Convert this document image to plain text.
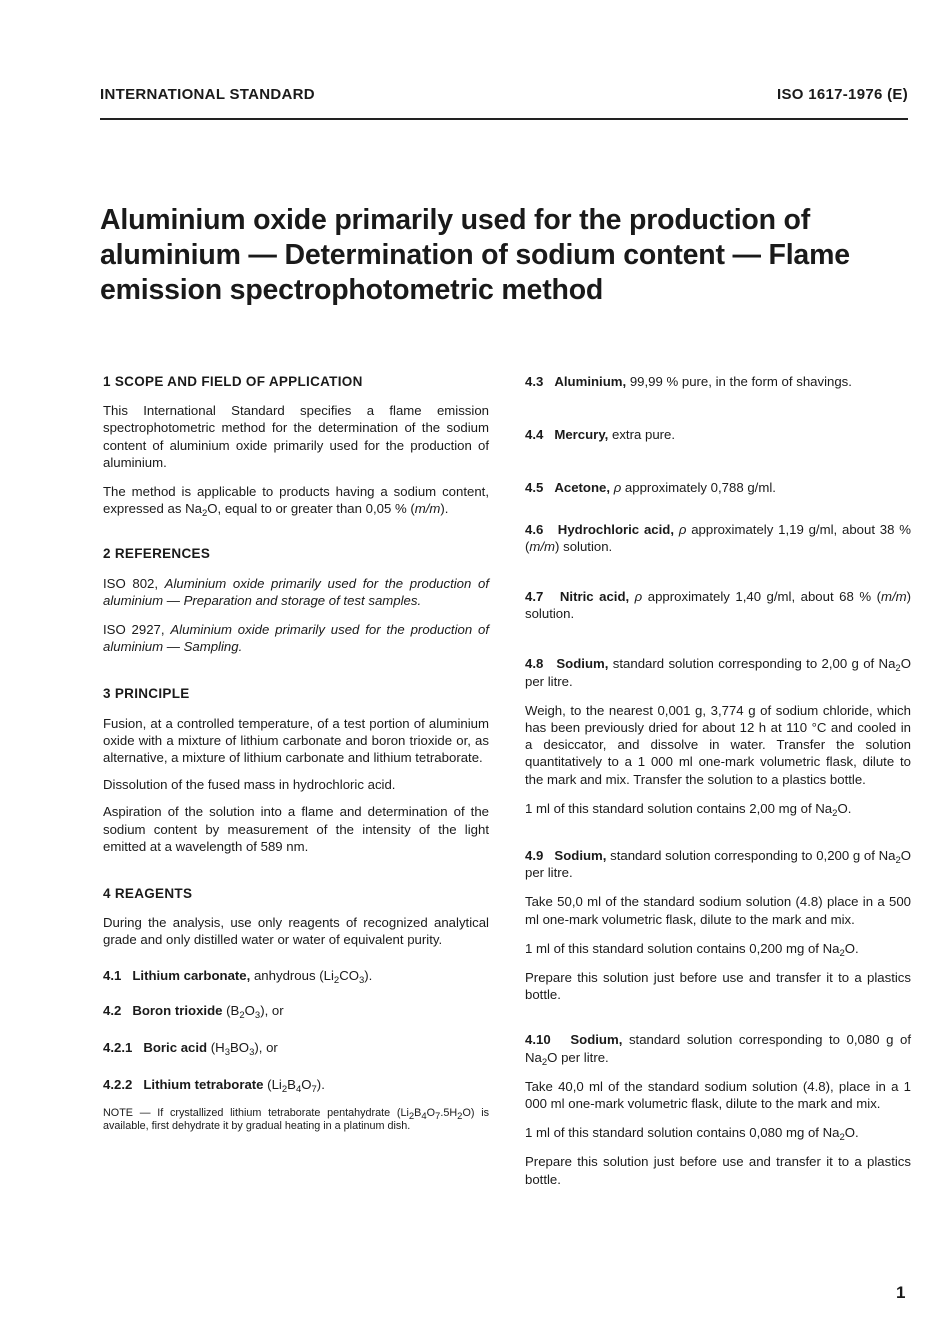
INTERNATIONAL STANDARD	ISO 1617-1976 (E)
Aluminium oxide primarily used for the production of
aluminium — Determination of sodium content — Flame
emission spectrophotometric method
1 SCOPE AND FIELD OF APPLICATION

This International Standard specifies a flame emission spectrophotometric method for the determination of the sodium content of aluminium oxide primarily used for the production of aluminium.

The method is applicable to products having a sodium content, expressed as $Na_2O$, equal to or greater than 0,05 % (m/m).

2 REFERENCES

ISO 802, Aluminium oxide primarily used for the production of aluminium — Preparation and storage of test samples.

ISO 2927, Aluminium oxide primarily used for the production of aluminium — Sampling.

3 PRINCIPLE

Fusion, at a controlled temperature, of a test portion of aluminium oxide with a mixture of lithium carbonate and boron trioxide or, as alternative, a mixture of lithium carbonate and lithium tetraborate.

Dissolution of the fused mass in hydrochloric acid.

Aspiration of the solution into a flame and determination of the sodium content by measurement of the intensity of the light emitted at a wavelength of 589 nm.

4 REAGENTS

During the analysis, use only reagents of recognized analytical grade and only distilled water or water of equivalent purity.

4.1 Lithium carbonate, anhydrous $(Li_2CO_3)$.

4.2 Boron trioxide $(B_2O_3)$, or

4.2.1 Boric acid $(H_3BO_3)$, or

4.2.2 Lithium tetraborate $(Li_2B_4O_7)$.

NOTE — If crystallized lithium tetraborate pentahydrate $(Li_2B_4O_7.5H_2O)$ is available, first dehydrate it by gradual heating in a platinum dish.

4.3 Aluminium, 99,99 % pure, in the form of shavings.

4.4 Mercury, extra pure.

4.5 Acetone, ρ approximately 0,788 g/ml.

4.6 Hydrochloric acid, ρ approximately 1,19 g/ml, about 38 % (m/m) solution.

4.7 Nitric acid, ρ approximately 1,40 g/ml, about 68 % (m/m) solution.

4.8 Sodium, standard solution corresponding to 2,00 g of $Na_2O$ per litre.

Weigh, to the nearest 0,001 g, 3,774 g of sodium chloride, which has been previously dried for about 12 h at 110 °C and cooled in a desiccator, and dissolve in water. Transfer the solution quantitatively to a 1 000 ml one-mark volumetric flask, dilute to the mark and mix. Transfer the solution to a plastics bottle.

1 ml of this standard solution contains 2,00 mg of $Na_2O$.

4.9 Sodium, standard solution corresponding to 0,200 g of $Na_2O$ per litre.

Take 50,0 ml of the standard sodium solution (4.8) place in a 500 ml one-mark volumetric flask, dilute to the mark and mix.

1 ml of this standard solution contains 0,200 mg of $Na_2O$.

Prepare this solution just before use and transfer it to a plastics bottle.

4.10 Sodium, standard solution corresponding to 0,080 g of $Na_2O$ per litre.

Take 40,0 ml of the standard sodium solution (4.8), place in a 1 000 ml one-mark volumetric flask, dilute to the mark and mix.

1 ml of this standard solution contains 0,080 mg of $Na_2O$.

Prepare this solution just before use and transfer it to a plastics bottle.

1
